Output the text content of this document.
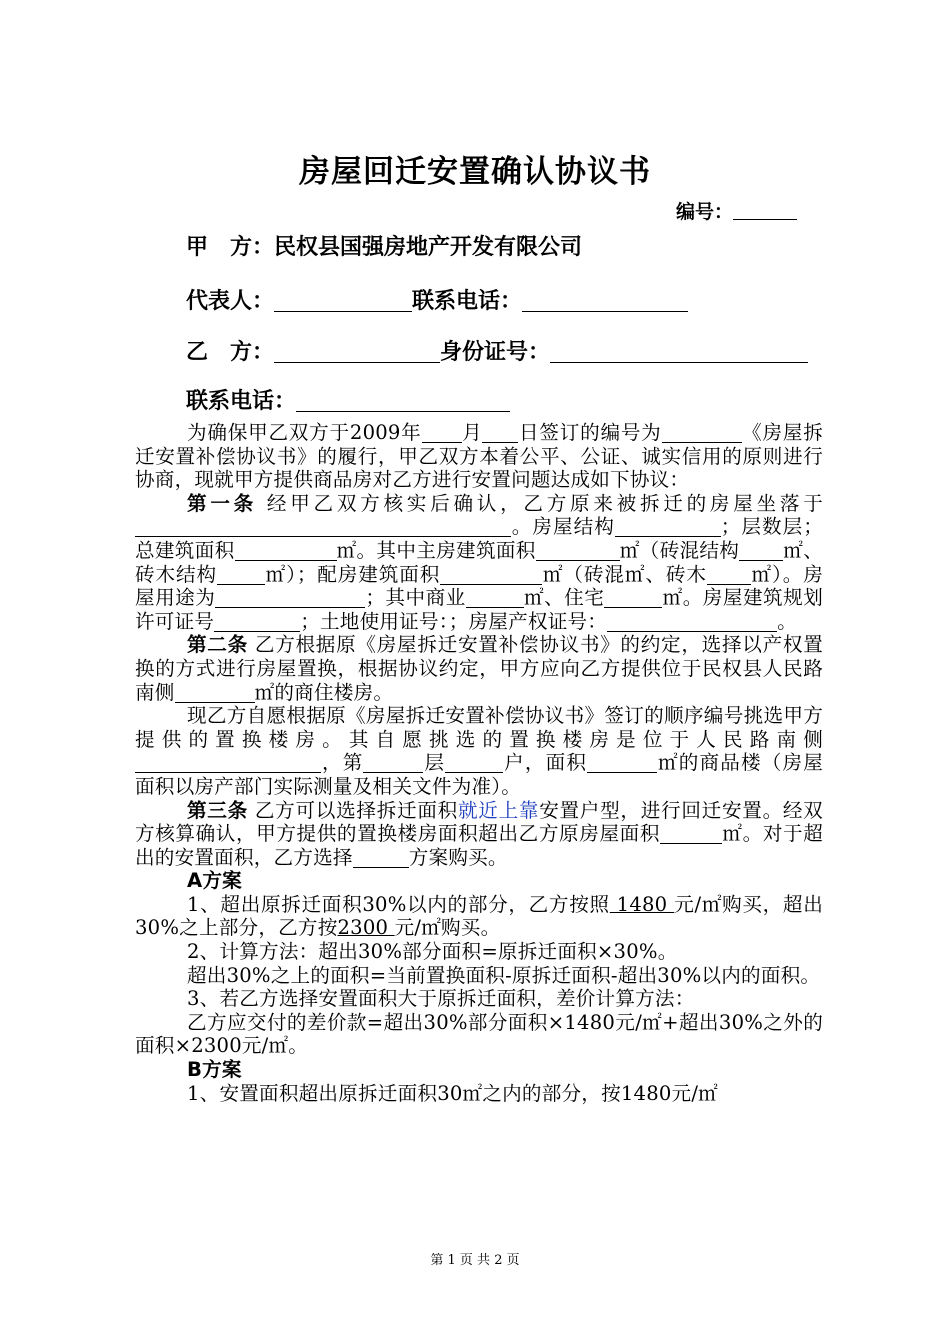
房屋回迁安置确认协议书
编号：
甲　方：民权县国强房地产开发有限公司
代表人：	联系电话：
乙　方：	身份证号：
联系电话：

为确保甲乙双方于2009年 月 日签订的编号为	《房屋拆迁安置补偿协议书》的履行，甲乙双方本着公平、公证、诚实信用的原则进行协商，现就甲方提供商品房对乙方进行安置问题达成如下协议：

第一条 经甲乙双方核实后确认，乙方原来被拆迁的房屋坐落于。房屋结构	；层数层；总建筑面积	㎡。其中主房建筑面积	㎡（砖混结构 ㎡、砖木结构 ㎡）；配房建筑面积	㎡（砖混㎡、砖木 ㎡）。房屋用途为	；其中商业	㎡、住宅	㎡。房屋建筑规划许可证号	；土地使用证号：；房屋产权证号：	。

第二条 乙方根据原《房屋拆迁安置补偿协议书》的约定，选择以产权置换的方式进行房屋置换，根据协议约定，甲方应向乙方提供位于民权县人民路南侧	㎡的商住楼房。

现乙方自愿根据原《房屋拆迁安置补偿协议书》签订的顺序编号挑选甲方提供的置换楼房。其自愿挑选的置换楼房是位于人民路南侧，第	层	户，面积	㎡的商品楼（房屋面积以房产部门实际测量及相关文件为准）。

第三条 乙方可以选择拆迁面积就近上靠安置户型，进行回迁安置。经双方核算确认，甲方提供的置换楼房面积超出乙方原房屋面积	㎡。对于超出的安置面积，乙方选择	方案购买。

A方案

1、超出原拆迁面积30%以内的部分，乙方按照 1480 元/㎡购买，超出30%之上部分，乙方按2300 元/㎡购买。

2、计算方法：超出30%部分面积=原拆迁面积×30%。

超出30%之上的面积=当前置换面积-原拆迁面积-超出30%以内的面积。

3、若乙方选择安置面积大于原拆迁面积，差价计算方法：

乙方应交付的差价款=超出30%部分面积×1480元/㎡+超出30%之外的面积×2300元/㎡。

B方案

1、安置面积超出原拆迁面积30㎡之内的部分，按1480元/㎡

第 1 页 共 2 页
